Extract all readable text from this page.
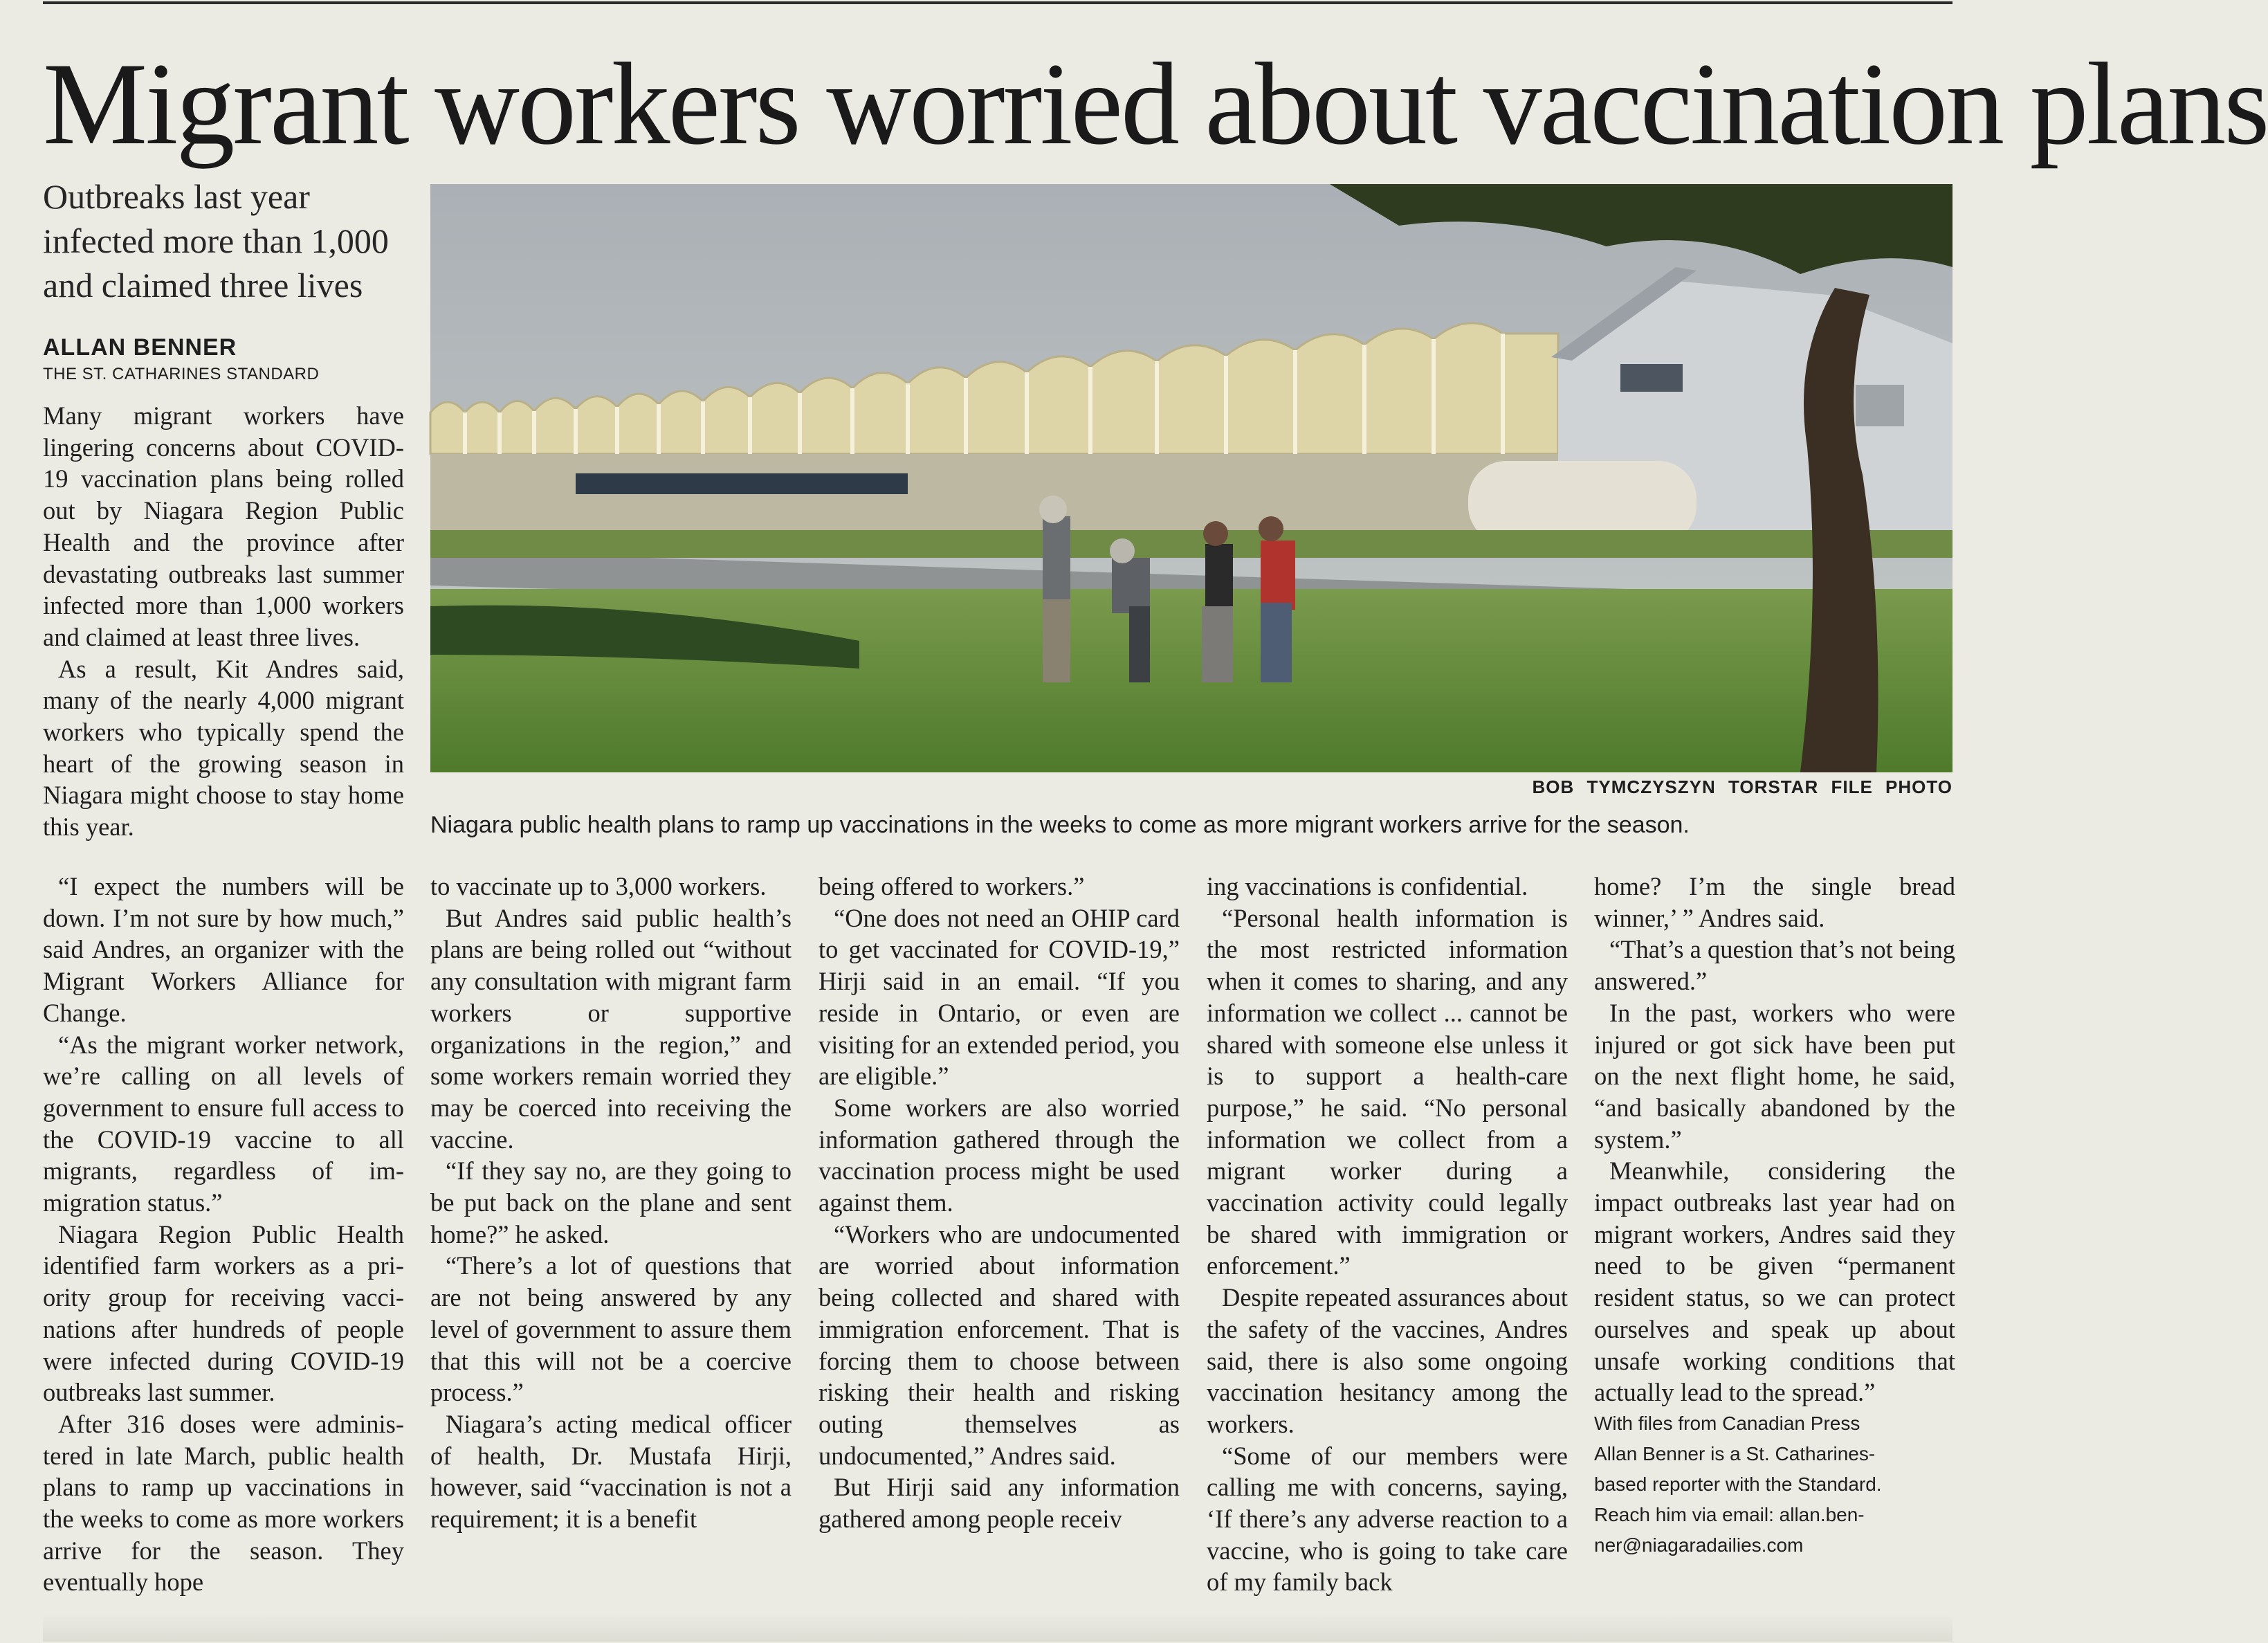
Migrant workers worried about vaccination plans
Outbreaks last year
infected more than 1,000
and claimed three lives
ALLAN BENNER
THE ST. CATHARINES STANDARD
BOB TYMCZYSZYN TORSTAR FILE PHOTO
Niagara public health plans to ramp up vaccinations in the weeks to come as more migrant workers arrive for the season.

Many migrant workers have lingering concerns about COVID-19 vaccination plans being rolled out by Niagara Region Public Health and the province after devastating outbreaks last summer infected more than 1,000 workers and claimed at least three lives.

As a result, Kit Andres said, many of the nearly 4,000 migrant workers who typically spend the heart of the growing season in Niagara might choose to stay home this year.

“I expect the numbers will be down. I’m not sure by how much,” said Andres, an organizer with the Migrant Workers Alliance for Change.

“As the migrant worker network, we’re calling on all levels of government to ensure full access to the COVID-19 vaccine to all migrants, regardless of immigration status.”

Niagara Region Public Health identified farm workers as a priority group for receiving vaccinations after hundreds of people were infected during COVID-19 outbreaks last summer.

After 316 doses were administered in late March, public health plans to ramp up vaccinations in the weeks to come as more workers arrive for the season. They eventually hope

to vaccinate up to 3,000 workers.

But Andres said public health’s plans are being rolled out “without any consultation with migrant farm workers or supportive organizations in the region,” and some workers remain worried they may be coerced into receiving the vaccine.

“If they say no, are they going to be put back on the plane and sent home?” he asked.

“There’s a lot of questions that are not being answered by any level of government to assure them that this will not be a coercive process.”

Niagara’s acting medical officer of health, Dr. Mustafa Hirji, however, said “vaccination is not a requirement; it is a benefit

being offered to workers.”

“One does not need an OHIP card to get vaccinated for COVID-19,” Hirji said in an email. “If you reside in Ontario, or even are visiting for an extended period, you are eligible.”

Some workers are also worried information gathered through the vaccination process might be used against them.

“Workers who are undocumented are worried about information being collected and shared with immigration enforcement. That is forcing them to choose between risking their health and risking outing themselves as undocumented,” Andres said.

But Hirji said any information gathered among people receiv

ing vaccinations is confidential.

“Personal health information is the most restricted information when it comes to sharing, and any information we collect ... cannot be shared with someone else unless it is to support a health-care purpose,” he said. “No personal information we collect from a migrant worker during a vaccination activity could legally be shared with immigration or enforcement.”

Despite repeated assurances about the safety of the vaccines, Andres said, there is also some ongoing vaccination hesitancy among the workers.

“Some of our members were calling me with concerns, saying, ‘If there’s any adverse reaction to a vaccine, who is going to take care of my family back

home? I’m the single bread winner,’ ” Andres said.

“That’s a question that’s not being answered.”

In the past, workers who were injured or got sick have been put on the next flight home, he said, “and basically abandoned by the system.”

Meanwhile, considering the impact outbreaks last year had on migrant workers, Andres said they need to be given “permanent resident status, so we can protect ourselves and speak up about unsafe working conditions that actually lead to the spread.”

With files from Canadian Press
Allan Benner is a St. Catharines-
based reporter with the Standard.
Reach him via email: allan.ben-
ner@niagaradailies.com
